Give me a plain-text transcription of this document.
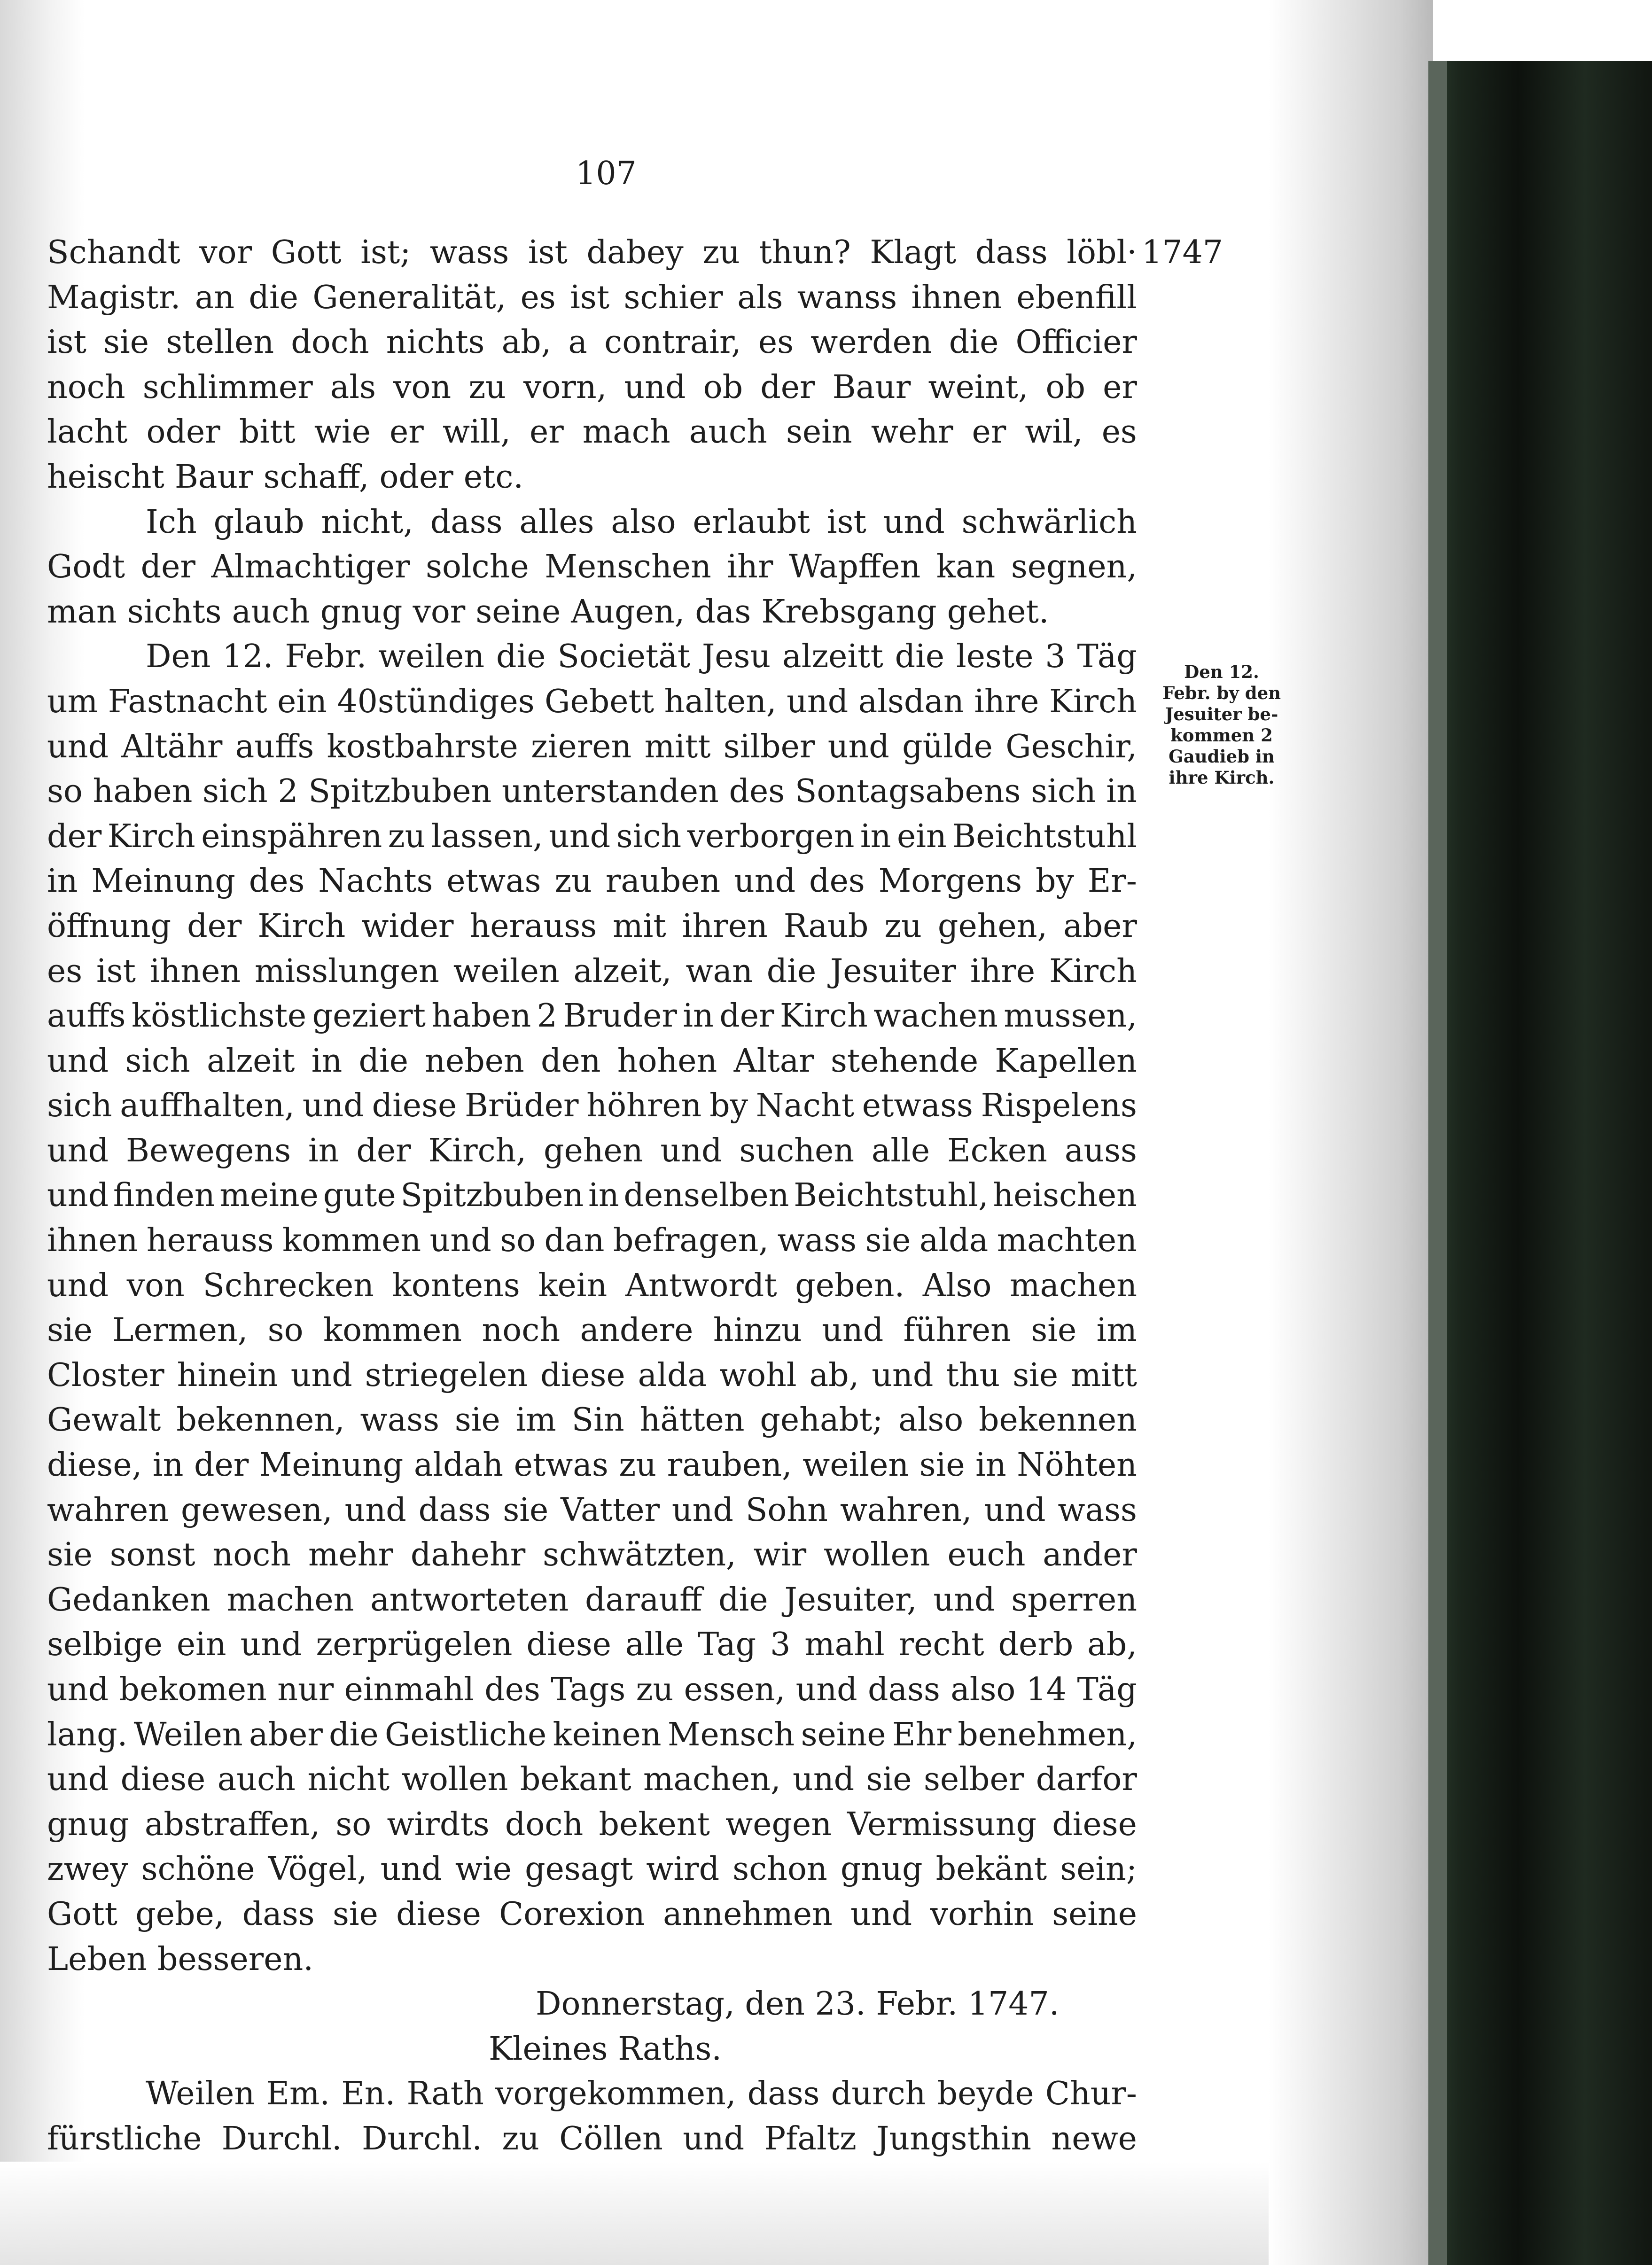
107
1747
Den 12.
Febr. by den
Jesuiter be-
kommen 2
Gaudieb in
ihre Kirch.
Schandt vor Gott ist; wass ist dabey zu thun? Klagt dass löbl·
Magistr. an die Generalität, es ist schier als wanss ihnen ebenfill
ist sie stellen doch nichts ab, a contrair, es werden die Officier
noch schlimmer als von zu vorn, und ob der Baur weint, ob er
lacht oder bitt wie er will, er mach auch sein wehr er wil, es
heischt Baur schaff, oder etc.
Ich glaub nicht, dass alles also erlaubt ist und schwärlich
Godt der Almachtiger solche Menschen ihr Wapffen kan segnen,
man sichts auch gnug vor seine Augen, das Krebsgang gehet.
Den 12. Febr. weilen die Societät Jesu alzeitt die leste 3 Täg
um Fastnacht ein 40stündiges Gebett halten, und alsdan ihre Kirch
und Altähr auffs kostbahrste zieren mitt silber und gülde Geschir,
so haben sich 2 Spitzbuben unterstanden des Sontagsabens sich in
der Kirch einspähren zu lassen, und sich verborgen in ein Beichtstuhl
in Meinung des Nachts etwas zu rauben und des Morgens by Er-
öffnung der Kirch wider herauss mit ihren Raub zu gehen, aber
es ist ihnen misslungen weilen alzeit, wan die Jesuiter ihre Kirch
auffs köstlichste geziert haben 2 Bruder in der Kirch wachen mussen,
und sich alzeit in die neben den hohen Altar stehende Kapellen
sich auffhalten, und diese Brüder höhren by Nacht etwass Rispelens
und Bewegens in der Kirch, gehen und suchen alle Ecken auss
und finden meine gute Spitzbuben in denselben Beichtstuhl, heischen
ihnen herauss kommen und so dan befragen, wass sie alda machten
und von Schrecken kontens kein Antwordt geben. Also machen
sie Lermen, so kommen noch andere hinzu und führen sie im
Closter hinein und striegelen diese alda wohl ab, und thu sie mitt
Gewalt bekennen, wass sie im Sin hätten gehabt; also bekennen
diese, in der Meinung aldah etwas zu rauben, weilen sie in Nöhten
wahren gewesen, und dass sie Vatter und Sohn wahren, und wass
sie sonst noch mehr dahehr schwätzten, wir wollen euch ander
Gedanken machen antworteten darauff die Jesuiter, und sperren
selbige ein und zerprügelen diese alle Tag 3 mahl recht derb ab,
und bekomen nur einmahl des Tags zu essen, und dass also 14 Täg
lang. Weilen aber die Geistliche keinen Mensch seine Ehr benehmen,
und diese auch nicht wollen bekant machen, und sie selber darfor
gnug abstraffen, so wirdts doch bekent wegen Vermissung diese
zwey schöne Vögel, und wie gesagt wird schon gnug bekänt sein;
Gott gebe, dass sie diese Corexion annehmen und vorhin seine
Leben besseren.
Donnerstag, den 23. Febr. 1747.
Kleines Raths.
Weilen Em. En. Rath vorgekommen, dass durch beyde Chur-
fürstliche Durchl. Durchl. zu Cöllen und Pfaltz Jungsthin newe
